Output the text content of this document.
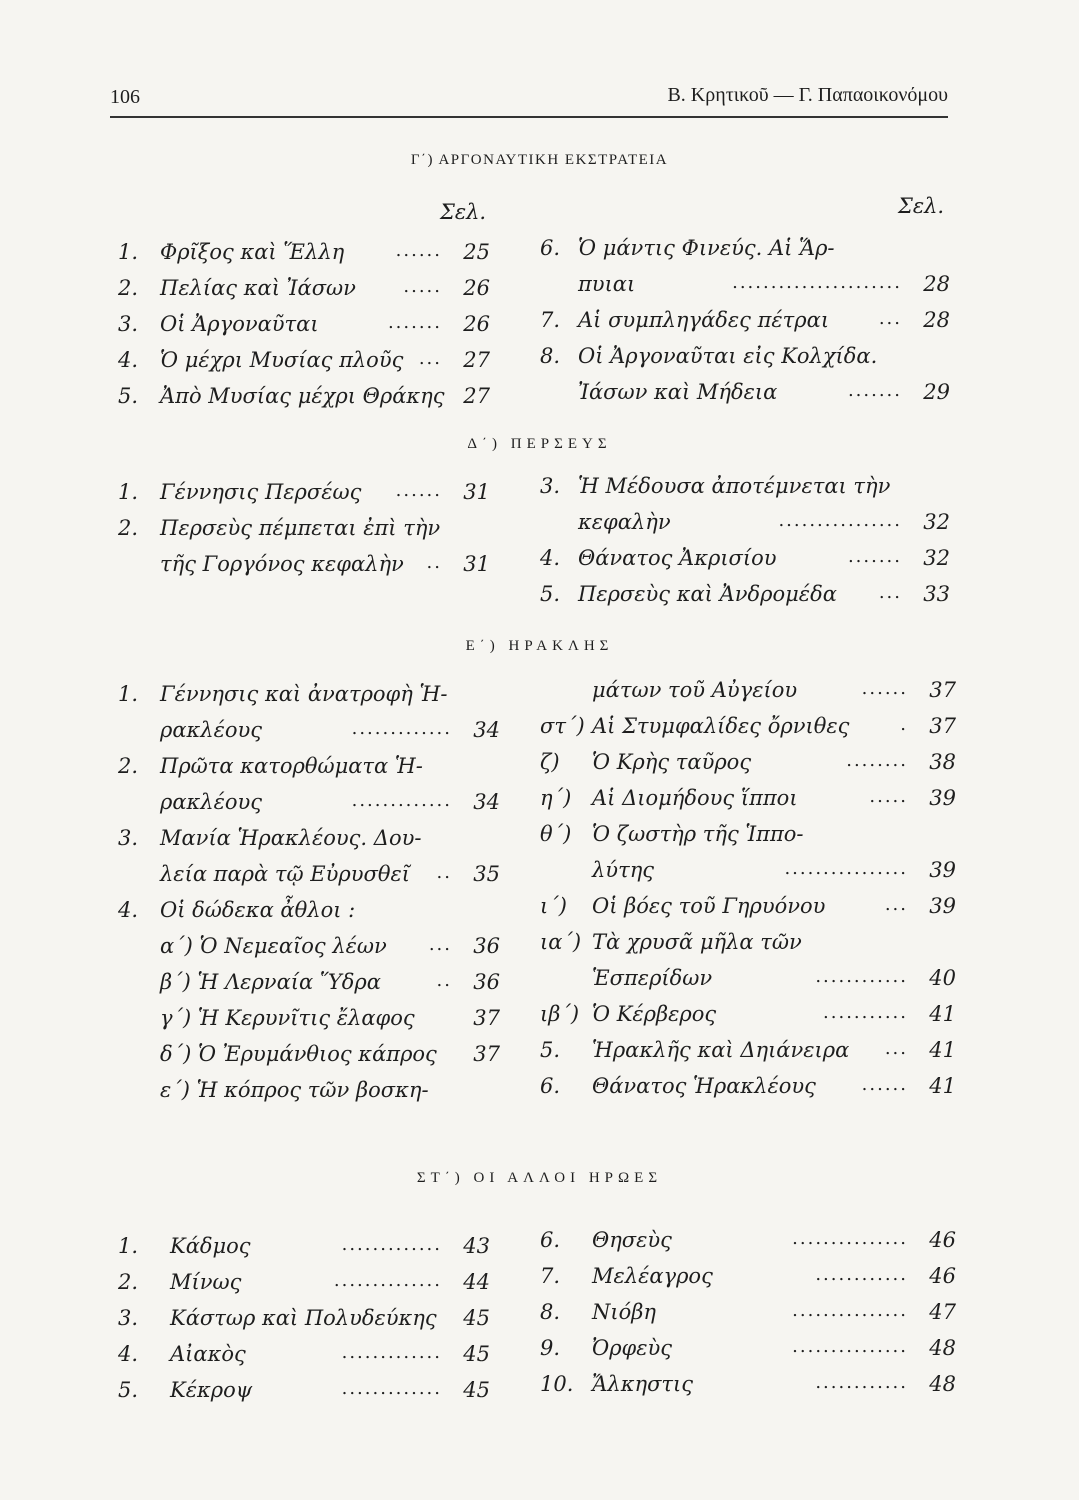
106	Β. Κρητικοῦ — Γ. Παπαοικονόμου
Γ΄) ΑΡΓΟΝΑΥΤΙΚΗ ΕΚΣΤΡΑΤΕΙΑ
Σελ.	Σελ.
1. Φρῖξος καὶ Ἕλλη	...... 25
2. Πελίας καὶ Ἰάσων	..... 26
3. Οἱ Ἀργοναῦται	....... 26
4. Ὁ μέχρι Μυσίας πλοῦς ... 27
5. Ἀπὸ Μυσίας μέχρι Θράκης 27
6. Ὁ μάντις Φινεύς. Αἱ Ἅρ-
πυιαι	...................... 28
7. Αἱ συμπληγάδες πέτραι	... 28
8. Οἱ Ἀργοναῦται εἰς Κολχίδα.
Ἰάσων καὶ Μήδεια	....... 29
Δ΄) ΠΕΡΣΕΥΣ
1. Γέννησις Περσέως ...... 31
2. Περσεὺς πέμπεται ἐπὶ τὴν
τῆς Γοργόνος κεφαλὴν .. 31
3. Ἡ Μέδουσα ἀποτέμνεται τὴν
κεφαλὴν	................ 32
4. Θάνατος Ἀκρισίου	....... 32
5. Περσεὺς καὶ Ἀνδρομέδα ... 33
Ε΄) ΗΡΑΚΛΗΣ
1. Γέννησις καὶ ἀνατροφὴ Ἡ-
ρακλέους	............. 34
2. Πρῶτα κατορθώματα Ἡ-
ρακλέους	............. 34
3. Μανία Ἡρακλέους. Δου-
λεία παρὰ τῷ Εὐρυσθεῖ .. 35
4. Οἱ δώδεκα ἆθλοι :
α΄) Ὁ Νεμεαῖος λέων ... 36
β΄) Ἡ Λερναία Ὕδρα	.. 36
γ΄) Ἡ Κερυνῖτις ἔλαφος	37
δ΄) Ὁ Ἐρυμάνθιος κάπρος 37
ε΄) Ἡ κόπρος τῶν βοσκη-
μάτων τοῦ Αὐγείου	...... 37
στ΄) Αἱ Στυμφαλίδες ὄρνιθες	. 37
ζ) Ὁ Κρὴς ταῦρος	........ 38
η΄) Αἱ Διομήδους ἵπποι	..... 39
θ΄) Ὁ ζωστὴρ τῆς Ἱππο-
λύτης	................ 39
ι΄) Οἱ βόες τοῦ Γηρυόνου	... 39
ια΄) Τὰ χρυσᾶ μῆλα τῶν
Ἑσπερίδων	............ 40
ιβ΄) Ὁ Κέρβερος	........... 41
5. Ἡρακλῆς καὶ Δηιάνειρα ... 41
6. Θάνατος Ἡρακλέους	...... 41
ΣΤ΄) ΟΙ ΑΛΛΟΙ ΗΡΩΕΣ
1. Κάδμος	............. 43
2. Μίνως	.............. 44
3. Κάστωρ καὶ Πολυδεύκης 45
4. Αἰακὸς	............. 45
5. Κέκροψ	............. 45
6. Θησεὺς	............... 46
7. Μελέαγρος	............ 46
8. Νιόβη	............... 47
9. Ὀρφεὺς	............... 48
10. Ἄλκηστις	............ 48
